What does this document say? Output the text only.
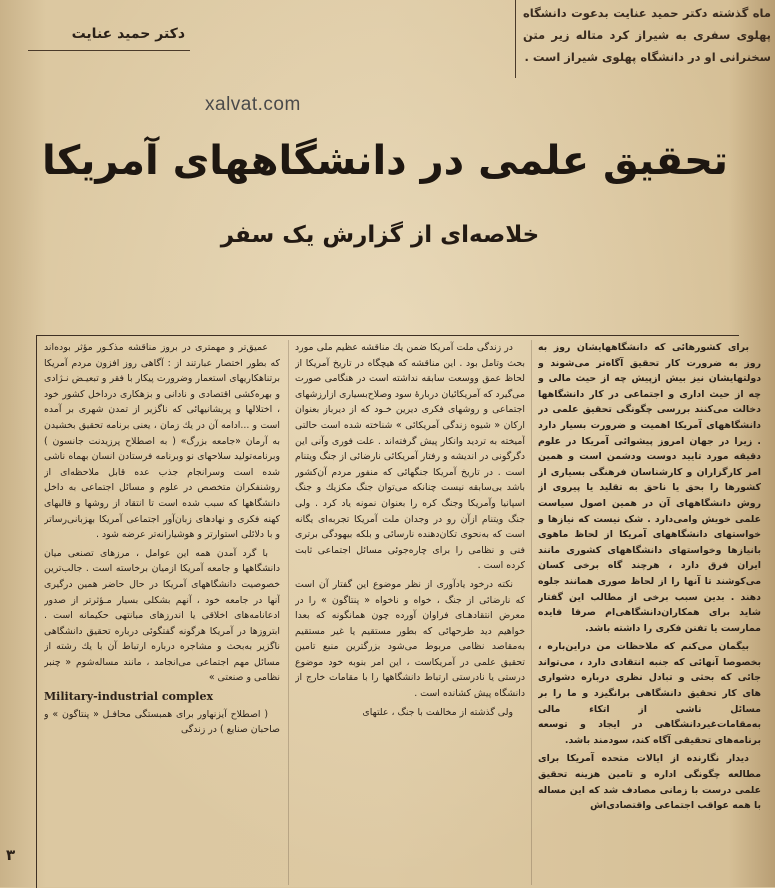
ماه گذشته دکتر حمید عنایت بدعوت دانشگاه پهلوی سفری به شیراز کرد متاله زیر متن سخنرانی او در دانشگاه پهلوی شیراز است .
دکتر حمید عنایت
xalvat.com
تحقیق علمی در دانشگاههای آمریکا
خلاصه‌ای از گزارش یک سفر

برای کشورهائی که دانشگاههایشان روز به روز به ضرورت کار تحقیق آگاه‌تر می‌شوند و دولتهایشان نیز بیش ازپیش چه از حیث مالی و چه از حیث اداری و اجتماعی در کار دانشگاهها دخالت می‌کنند بررسی چگونگی تحقیق علمی در دانشگاههای آمریکا اهمیت و ضرورت بسیار دارد . زیرا در جهان امروز پیشوائی آمریکا در علوم دقیقه مورد تایید دوست ودشمن است و همین امر کارگزاران و کارشناسان فرهنگی بسیاری از کشورها را بحق یا ناحق به تقلید یا پیروی از روش دانشگاههای آن در همین اصول سیاست علمی خویش وامی‌دارد . شک نیست که نیازها و خواستهای دانشگاههای آمریکا از لحاظ ماهوی بانیازها وخواستهای دانشگاههای کشوری مانند ایران فرق دارد ، هرچند گاه برخی کسان می‌کوشند تا آنها را از لحاظ صوری همانند جلوه دهند . بدین سبب برخی از مطالب این گفتار شاید برای همکاران‌دانشگاهی‌ام صرفا فایده ممارست یا تفنن فکری را داشته باشد.

بیگمان می‌کنم که ملاحظات من دراین‌باره ، بخصوصا آنهائی که جنبه انتقادی دارد ، می‌تواند جائی که بحثی و تبادل نظری درباره دشواری های کار تحقیق دانشگاهی برانگیزد و ما را بر مسائل ناشی از اتکاء مالی به‌مقامات‌غیر‌دانشگاهی در ایجاد و توسعه برنامه‌های تحقیقی آگاه کند، سودمند باشد.

دیدار نگارنده از ایالات متحده آمریکا برای مطالعه چگونگی اداره و تامین هزینه تحقیق علمی درست با زمانی مصادف شد که این مساله با همه عواقب اجتماعی واقتصادی‌اش

در زندگی ملت آمریکا ضمن یك مناقشه عظیم ملی مورد بحث وتامل بود . این مناقشه که هیچگاه در تاریخ آمریکا از لحاظ عمق ووسعت سابقه نداشته است در هنگامی صورت می‌گیرد که آمریکائیان دربارۀ سود وصلاح‌بسیاری ازارزشهای اجتماعی و روشهای فکری دیرین خـود که از دیرباز بعنوان ارکان « شیوه زندگی آمریکائی » شناخته شده است حالتی آمیخته به تردید وانکار پیش گرفته‌اند . علت فوری وآنی این دگرگونی در اندیشه و رفتار آمریکائی نارضائی از جنگ ویتنام است . در تاریخ آمریکا جنگهائی که منفور مردم آن‌کشور باشد بی‌سابقه نیست چنانکه می‌توان جنگ مکزیك و جنگ اسپانیا وآمریکا وجنگ کره را بعنوان نمونه یاد کرد . ولی جنگ ویتنام ازآن رو در وجدان ملت آمریکا تجربه‌ای یگانه است که به‌نحوی تکان‌دهنده نارسائی و بلکه بیهودگی برتری فنی و نظامی را برای چاره‌جوئی مسائل اجتماعی ثابت کرده است .

نکته درخود یادآوری از نظر موضوع این گفتار آن است که نارضائی از جنگ ، خواه و ناخواه « پنتاگون » را در معرض انتقادهـای فراوان آورده چون همانگونه که بعدا خواهیم دید طرحهائی که بطور مستقیم یا غیر مستقیم به‌مقاصد نظامی مربوط می‌شود بزرگترین منبع تامین تحقیق علمی در آمریکاست ، این امر بنوبه خود موضوع درستی یا نادرستی ارتباط دانشگاهها را با مقامات خارج از دانشگاه پیش کشانده است .

ولی گذشته از مخالفت با جنگ ، علتهای

عمیق‌تر و مهمتری در بروز مناقشه مذکـور مؤثر بوده‌اند که بطور اختصار عبارتند از : آگاهی روز افزون مردم آمریکا برتناهکاریهای استعمار وضرورت پیکار با فقر و تبعیـض نـژادی و بهره‌کشی اقتصادی و نادانی و بزهکاری دردا‌خل کشور خود ، اختلالها و پریشانیهائی که ناگزیر از تمدن شهری بر آمده است و ...ادامه آن در یك زمان ، یعنی برنامه تحقیق بخشیدن به آرمان «جامعه بزرگ» ( به اصطلاح پرزیدنت جانسون ) وبرنامه‌تولید سلاحهای نو وبرنامه فرستادن انسان بهماه ناشی شده است وسرانجام جذب عده قابل ملاحظه‌ای از روشنفکران متخصص در علوم و مسائل اجتماعی به داخل دانشگاهها که سبب شده است تا انتقاد از روشها و قالبهای کهنه فکری و نهادهای زبان‌آور اجتماعی آمریکا بهزبانی‌رساتر و با دلائلی استوارتر و هوشیارانه‌تر عرضه شود .

با گرد آمدن همه این عوامل ، مرزهای تصنعی میان دانشگاهها و جامعه آمریکا ازمیان برخاسته است . جالب‌ترین خصوصیت دانشگاههای آمریکا در حال حاضر همین درگیری آنها در جامعه خود ، آنهم بشکلی بسیار مـؤثرتر از صدور ادعانامه‌های اخلاقی یا اندرزهای مبانتهی حکیمانه است . ابتروزها در آمریکا هرگونه گفتگوئی درباره تحقیق دانشگاهی ناگزیر به‌بحث و مشاجره درباره ارتباط آن با یك رشته از مسائل مهم اجتماعی می‌انجامد ، مانند مساله‌شوم « چنبر نظامی و صنعتی »

Military-industrial complex

( اصطلاح آیزنهاور برای همبستگی محافـل « پنتاگون » و صاحبان صنایع ) در زندگی

۳
